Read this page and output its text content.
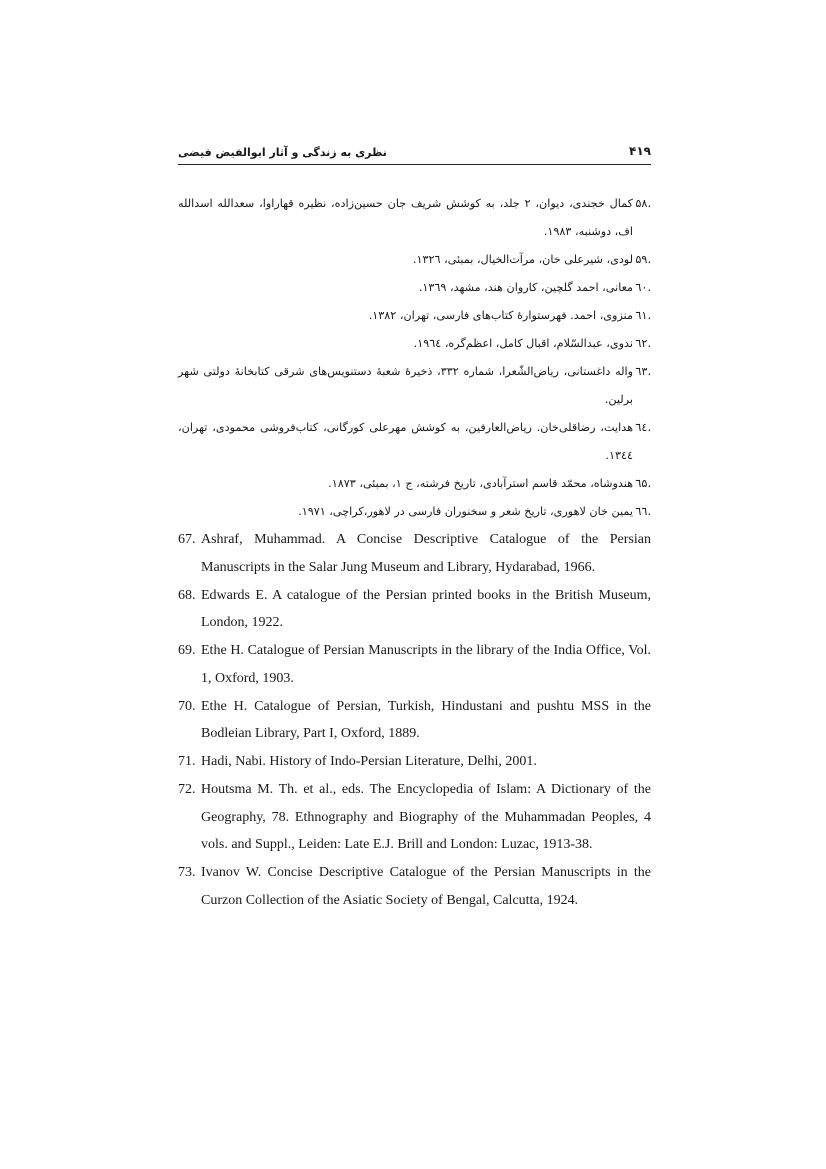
نظری به زندگی و آثار ابوالفیض فیضی	۴۱۹
.۵۸
کمال خجندی، دیوان، ۲ جلد، به کوشش شریف جان حسین‌زاده، نظیره قهاراوا، سعدالله اسدالله اف، دوشنبه، ۱۹۸۳.
.۵۹
لودی، شیرعلی خان، مرآت‌الخیال، بمبئی، ۱۳۲٦.
.٦۰
معانی، احمد گلچین، کاروان هند، مشهد، ۱۳٦۹.
.٦۱
منزوی، احمد. فهرستوارهٔ کتاب‌های فارسی، تهران، ۱۳۸۲.
.٦۲
ندوی، عبدالسّلام، اقبال کامل، اعظم‌گره، ۱۹٦٤.
.٦۳
واله داغستانی، ریاض‌الشّعرا، شماره ۳۳۲، ذخیرهٔ شعبهٔ دستنویس‌های شرقی کتابخانهٔ دولتی شهر برلین.
.٦٤
هدایت، رضاقلی‌خان. ریاض‌العارفین، به کوشش مهرعلی کورگانی، کتاب‌فروشی محمودی، تهران، ۱۳٤٤.
.٦۵
هندوشاه، محمّد قاسم استرآبادی، تاریخ فرشته، ج ۱، بمبئی، ۱۸۷۳.
.٦٦
یمین خان لاهوری، تاریخ شعر و سخنوران فارسی در لاهور،کراچی، ۱۹۷۱.
67. Ashraf, Muhammad. A Concise Descriptive Catalogue of the Persian Manuscripts in the Salar Jung Museum and Library, Hydarabad, 1966.
68. Edwards E. A catalogue of the Persian printed books in the British Museum, London, 1922.
69. Ethe H. Catalogue of Persian Manuscripts in the library of the India Office, Vol. 1, Oxford, 1903.
70. Ethe H. Catalogue of Persian, Turkish, Hindustani and pushtu MSS in the Bodleian Library, Part I, Oxford, 1889.
71. Hadi, Nabi. History of Indo-Persian Literature, Delhi, 2001.
72. Houtsma M. Th. et al., eds. The Encyclopedia of Islam: A Dictionary of the Geography, 78. Ethnography and Biography of the Muhammadan Peoples, 4 vols. and Suppl., Leiden: Late E.J. Brill and London: Luzac, 1913-38.
73. Ivanov W. Concise Descriptive Catalogue of the Persian Manuscripts in the Curzon Collection of the Asiatic Society of Bengal, Calcutta, 1924.
